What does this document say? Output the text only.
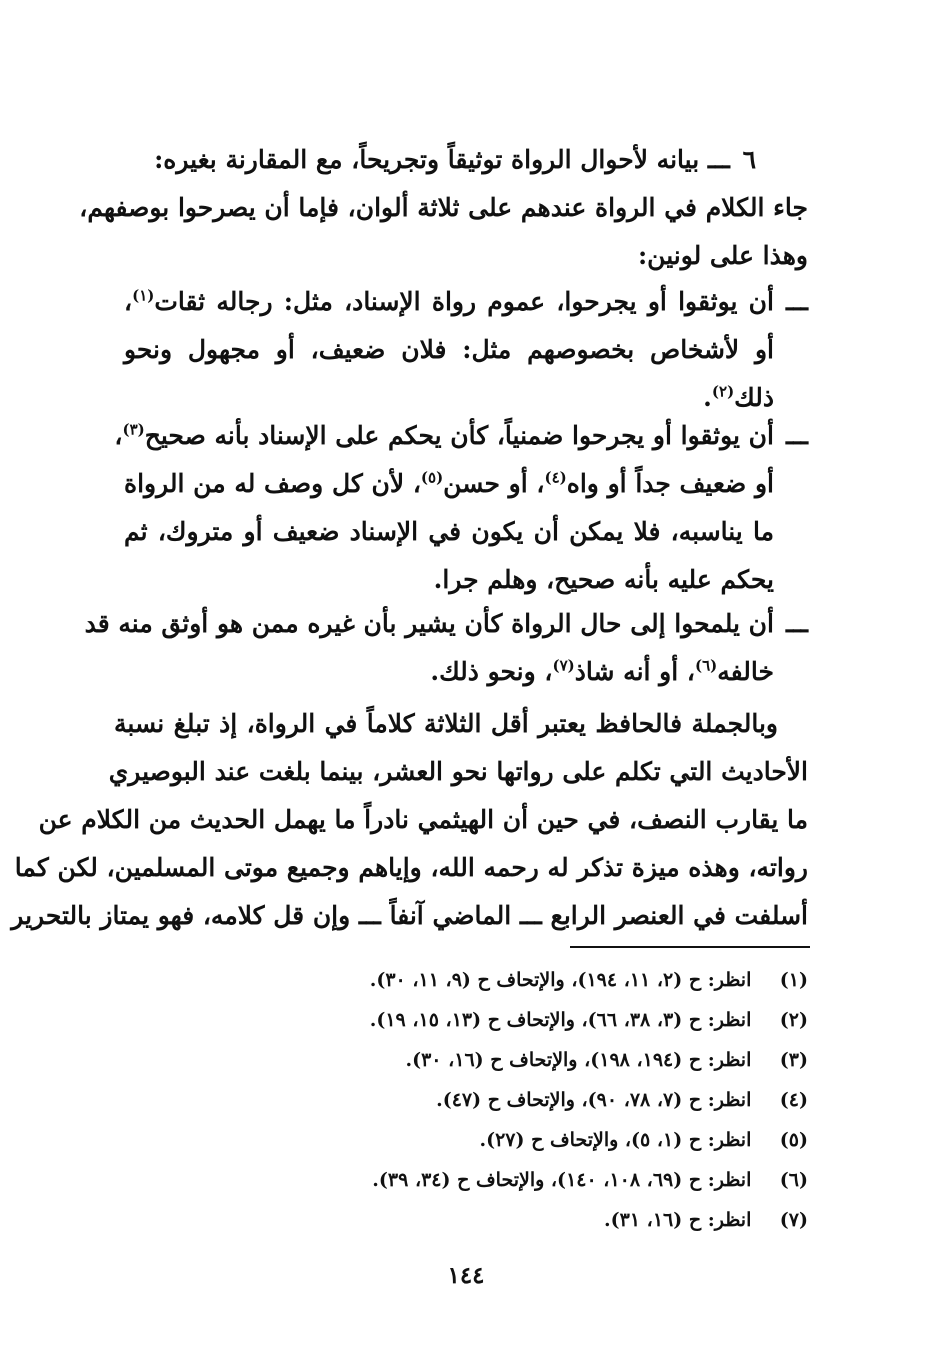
٦ ـــ بيانه لأحوال الرواة توثيقاً وتجريحاً، مع المقارنة بغيره:
جاء الكلام في الرواة عندهم على ثلاثة ألوان، فإما أن يصرحوا بوصفهم،
وهذا على لونين:
ـــ
أن يوثقوا أو يجرحوا، عموم رواة الإسناد، مثل: رجاله ثقات$^{(١)}$،
أو لأشخاص بخصوصهم مثل: فلان ضعيف، أو مجهول ونحو
ذلك$^{(٢)}$.
ـــ
أن يوثقوا أو يجرحوا ضمنياً، كأن يحكم على الإسناد بأنه صحيح$^{(٣)}$،
أو ضعيف جداً أو واه$^{(٤)}$، أو حسن$^{(٥)}$، لأن كل وصف له من الرواة
ما يناسبه، فلا يمكن أن يكون في الإسناد ضعيف أو متروك، ثم
يحكم عليه بأنه صحيح، وهلم جرا.
ـــ
أن يلمحوا إلى حال الرواة كأن يشير بأن غيره ممن هو أوثق منه قد
خالفه$^{(٦)}$، أو أنه شاذ$^{(٧)}$، ونحو ذلك.
وبالجملة فالحافظ يعتبر أقل الثلاثة كلاماً في الرواة، إذ تبلغ نسبة
الأحاديث التي تكلم على رواتها نحو العشر، بينما بلغت عند البوصيري
ما يقارب النصف، في حين أن الهيثمي نادراً ما يهمل الحديث من الكلام عن
رواته، وهذه ميزة تذكر له رحمه الله، وإياهم وجميع موتى المسلمين، لكن كما
أسلفت في العنصر الرابع ـــ الماضي آنفاً ـــ وإن قل كلامه، فهو يمتاز بالتحرير
(١) انظر: ح (٢، ١١، ١٩٤)، والإتحاف ح (٩، ١١، ٣٠).
(٢) انظر: ح (٣، ٣٨، ٦٦)، والإتحاف ح (١٣، ١٥، ١٩).
(٣) انظر: ح (١٩٤، ١٩٨)، والإتحاف ح (١٦، ٣٠).
(٤) انظر: ح (٧، ٧٨، ٩٠)، والإتحاف ح (٤٧).
(٥) انظر: ح (١، ٥)، والإتحاف ح (٢٧).
(٦) انظر: ح (٦٩، ١٠٨، ١٤٠)، والإتحاف ح (٣٤، ٣٩).
(٧) انظر: ح (١٦، ٣١).
١٤٤
